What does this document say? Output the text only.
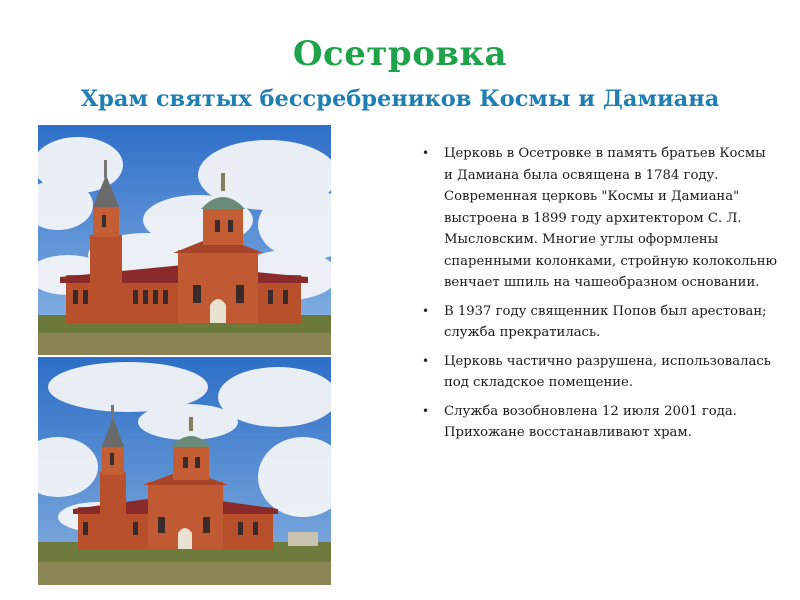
Осетровка
Храм святых бессребреников Космы и Дамиана
• Церковь в Осетровке в память братьев Космы и Дамиана была освящена в 1784 году. Современная церковь "Космы и Дамиана" выстроена в 1899 году архитектором С. Л. Мысловским. Многие углы оформлены спаренными колонками, стройную колокольню венчает шпиль на чашеобразном основании.
• В 1937 году священник Попов был арестован; служба прекратилась.
• Церковь частично разрушена, использовалась под складское помещение.
• Служба возобновлена 12 июля 2001 года. Прихожане восстанавливают храм.
